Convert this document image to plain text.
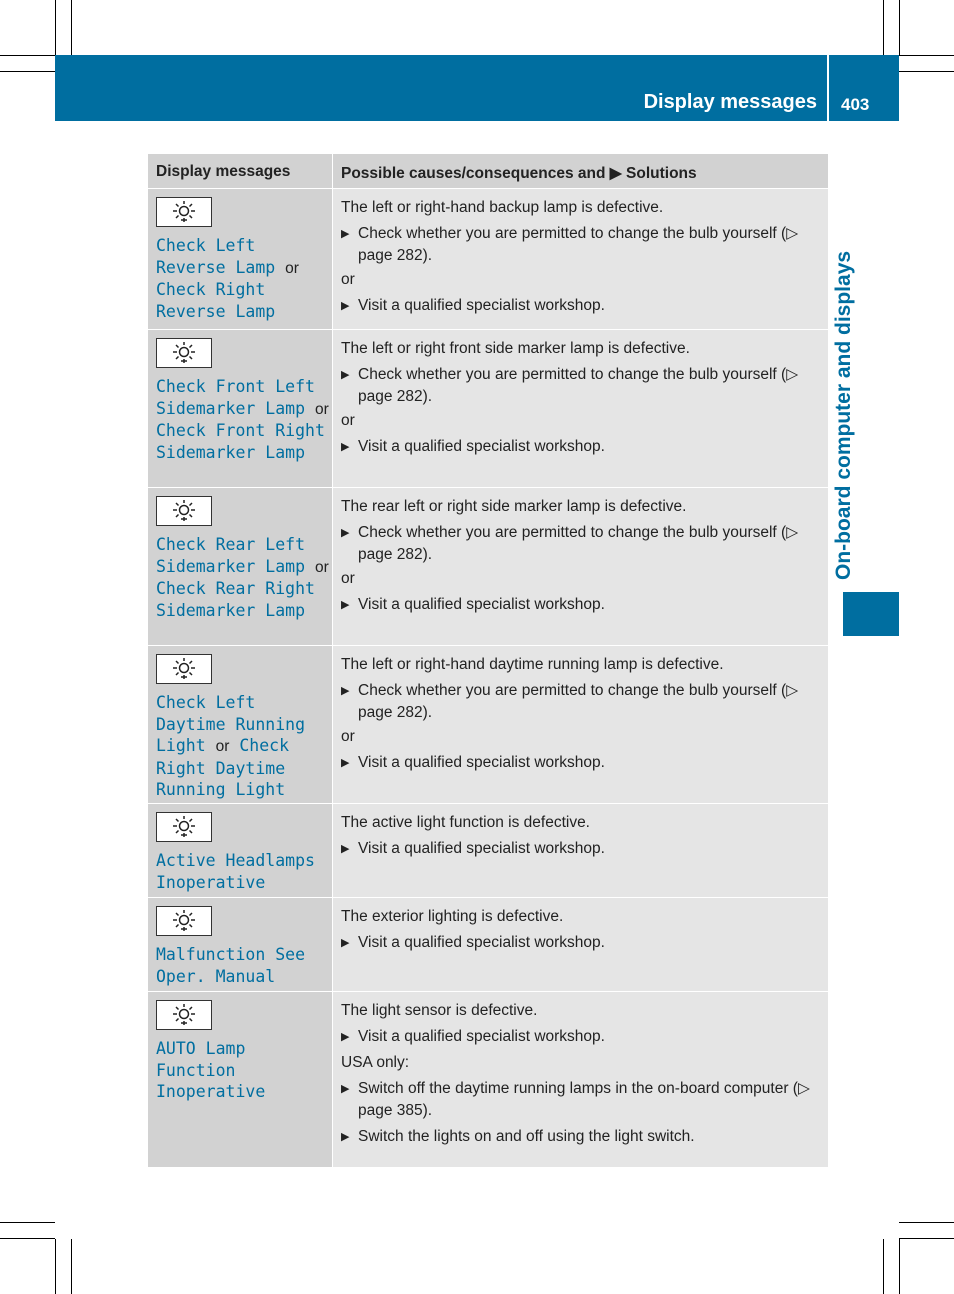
Display messages 403
On-board computer and displays
Display messages	Possible causes/consequences and ▶ Solutions
Check Left Reverse Lamp or Check Right Reverse Lamp
The left or right-hand backup lamp is defective.
▶ Check whether you are permitted to change the bulb yourself (▷ page 282).
or
▶ Visit a qualified specialist workshop.
Check Front Left Sidemarker Lamp or Check Front Right Sidemarker Lamp
The left or right front side marker lamp is defective.
▶ Check whether you are permitted to change the bulb yourself (▷ page 282).
or
▶ Visit a qualified specialist workshop.
Check Rear Left Sidemarker Lamp or Check Rear Right Sidemarker Lamp
The rear left or right side marker lamp is defective.
▶ Check whether you are permitted to change the bulb yourself (▷ page 282).
or
▶ Visit a qualified specialist workshop.
Check Left Daytime Running Light or Check Right Daytime Running Light
The left or right-hand daytime running lamp is defective.
▶ Check whether you are permitted to change the bulb yourself (▷ page 282).
or
▶ Visit a qualified specialist workshop.
Active Headlamps Inoperative
The active light function is defective.
▶ Visit a qualified specialist workshop.
Malfunction See Oper. Manual
The exterior lighting is defective.
▶ Visit a qualified specialist workshop.
AUTO Lamp Function Inoperative
The light sensor is defective.
▶ Visit a qualified specialist workshop.
USA only:
▶ Switch off the daytime running lamps in the on-board computer (▷ page 385).
▶ Switch the lights on and off using the light switch.
